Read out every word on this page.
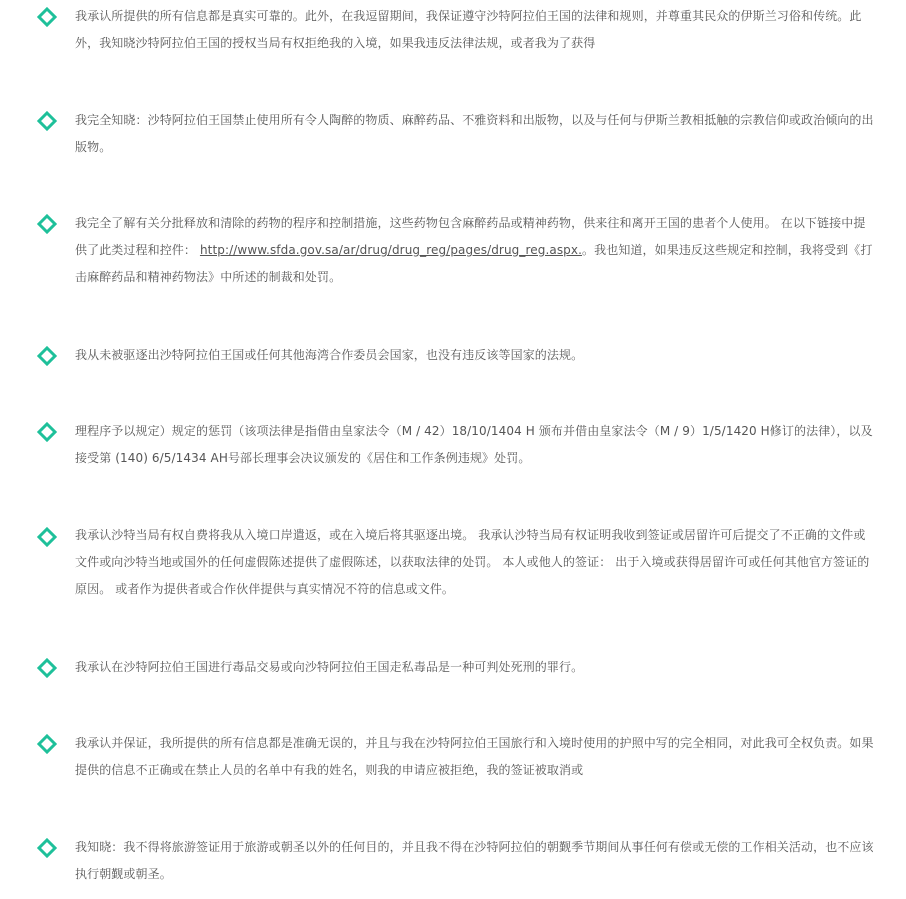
我承认所提供的所有信息都是真实可靠的。此外，在我逗留期间，我保证遵守沙特阿拉伯王国的法律和规则，并尊重其民众的伊斯兰习俗和传统。此外，我知晓沙特阿拉伯王国的授权当局有权拒绝我的入境，如果我违反法律法规，或者我为了获得

我完全知晓：沙特阿拉伯王国禁止使用所有令人陶醉的物质、麻醉药品、不雅资料和出版物，以及与任何与伊斯兰教相抵触的宗教信仰或政治倾向的出版物。

我完全了解有关分批释放和清除的药物的程序和控制措施，这些药物包含麻醉药品或精神药物，供来往和离开王国的患者个人使用。 在以下链接中提供了此类过程和控件： http://www.sfda.gov.sa/ar/drug/drug_reg/pages/drug_reg.aspx.。我也知道，如果违反这些规定和控制，我将受到《打击麻醉药品和精神药物法》中所述的制裁和处罚。

我从未被驱逐出沙特阿拉伯王国或任何其他海湾合作委员会国家，也没有违反该等国家的法规。

理程序予以规定）规定的惩罚（该项法律是指借由皇家法令（M / 42）18/10/1404 H 颁布并借由皇家法令（M / 9）1/5/1420 H修订的法律），以及接受第 (140) 6/5/1434 AH号部长理事会决议颁发的《居住和工作条例违规》处罚。

我承认沙特当局有权自费将我从入境口岸遣返，或在入境后将其驱逐出境。 我承认沙特当局有权证明我收到签证或居留许可后提交了不正确的文件或文件或向沙特当地或国外的任何虚假陈述提供了虚假陈述，以获取法律的处罚。 本人或他人的签证： 出于入境或获得居留许可或任何其他官方签证的原因。 或者作为提供者或合作伙伴提供与真实情况不符的信息或文件。

我承认在沙特阿拉伯王国进行毒品交易或向沙特阿拉伯王国走私毒品是一种可判处死刑的罪行。

我承认并保证，我所提供的所有信息都是准确无误的，并且与我在沙特阿拉伯王国旅行和入境时使用的护照中写的完全相同，对此我可全权负责。如果提供的信息不正确或在禁止人员的名单中有我的姓名，则我的申请应被拒绝，我的签证被取消或

我知晓：我不得将旅游签证用于旅游或朝圣以外的任何目的，并且我不得在沙特阿拉伯的朝觐季节期间从事任何有偿或无偿的工作相关活动，也不应该执行朝觐或朝圣。
